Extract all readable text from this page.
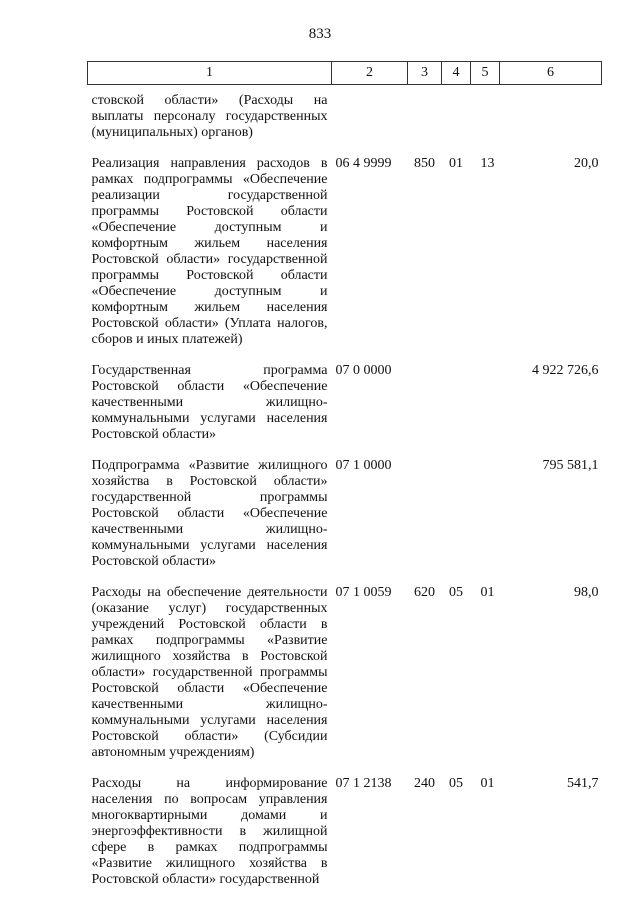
833
1	2	3	4	5	6
стовской области» (Расходы на выплаты персоналу государственных (муниципальных) органов)					

Реализация направления расходов в рамках подпрограммы «Обеспечение реализации государственной программы Ростовской области «Обеспечение доступным и комфортным жильем населения Ростовской области» государственной программы Ростовской области «Обеспечение доступным и комфортным жильем населения Ростовской области» (Уплата налогов, сборов и иных платежей)	06 4 9999	850	01	13	20,0

Государственная программа Ростовской области «Обеспечение качественными жилищно-коммунальными услугами населения Ростовской области»	07 0 0000				4 922 726,6

Подпрограмма «Развитие жилищного хозяйства в Ростовской области» государственной программы Ростовской области «Обеспечение качественными жилищно-коммунальными услугами населения Ростовской области»	07 1 0000				795 581,1

Расходы на обеспечение деятельности (оказание услуг) государственных учреждений Ростовской области в рамках подпрограммы «Развитие жилищного хозяйства в Ростовской области» государственной программы Ростовской области «Обеспечение качественными жилищно-коммунальными услугами населения Ростовской области» (Субсидии автономным учреждениям)	07 1 0059	620	05	01	98,0

Расходы на информирование населения по вопросам управления многоквартирными домами и энергоэффективности в жилищной сфере в рамках подпрограммы «Развитие жилищного хозяйства в Ростовской области» государственной	07 1 2138	240	05	01	541,7
